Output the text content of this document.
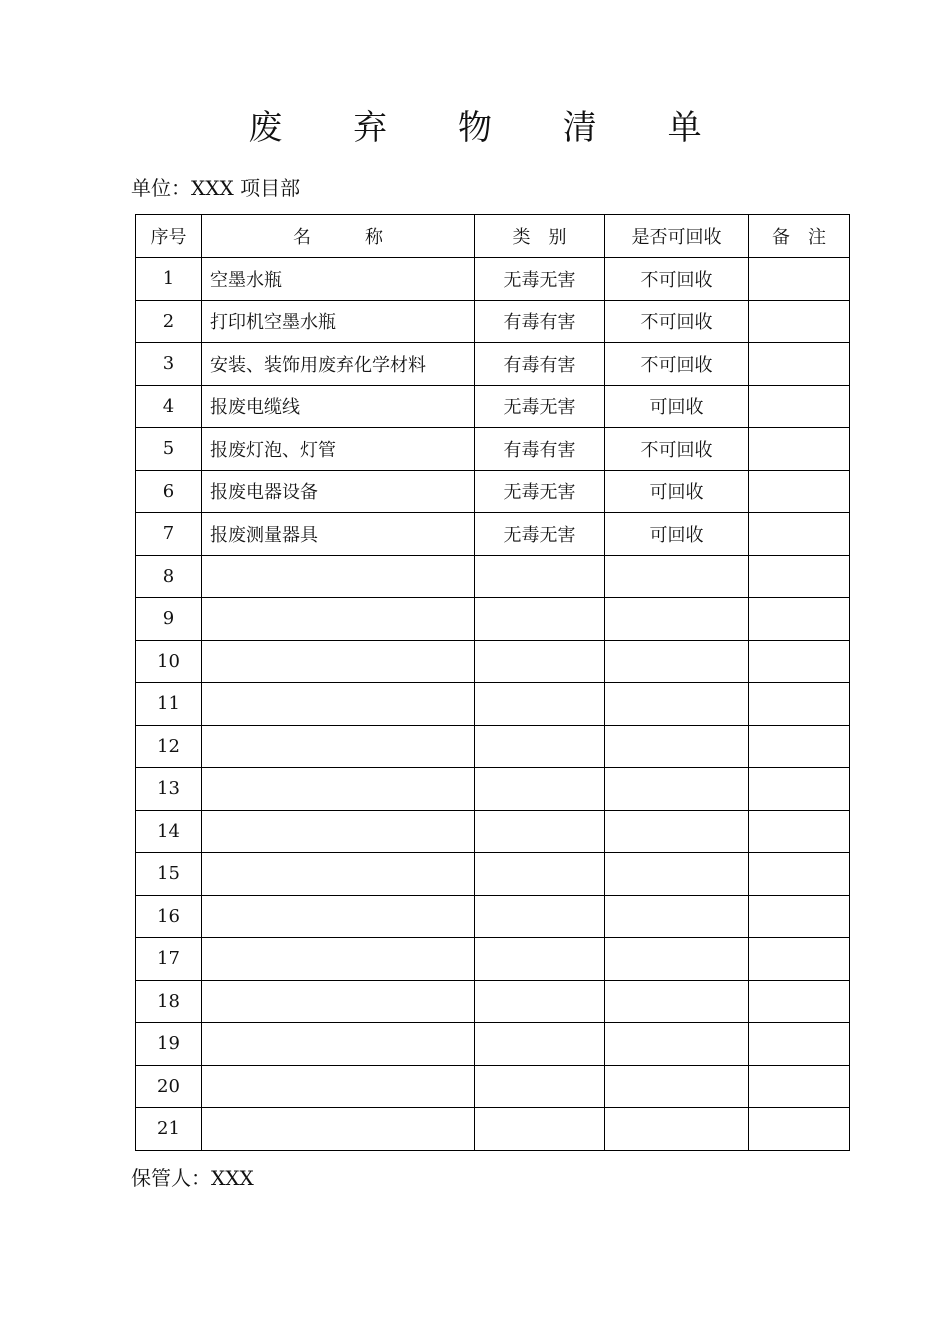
废 弃 物 清 单
单位：XXX 项目部
序号	名　　　称	类　别	是否可回收	备　注
1	空墨水瓶	无毒无害	不可回收	
2	打印机空墨水瓶	有毒有害	不可回收	
3	安装、装饰用废弃化学材料	有毒有害	不可回收	
4	报废电缆线	无毒无害	可回收	
5	报废灯泡、灯管	有毒有害	不可回收	
6	报废电器设备	无毒无害	可回收	
7	报废测量器具	无毒无害	可回收	
8				
9				
10				
11				
12				
13				
14				
15				
16				
17				
18				
19				
20				
21				
保管人：XXX
